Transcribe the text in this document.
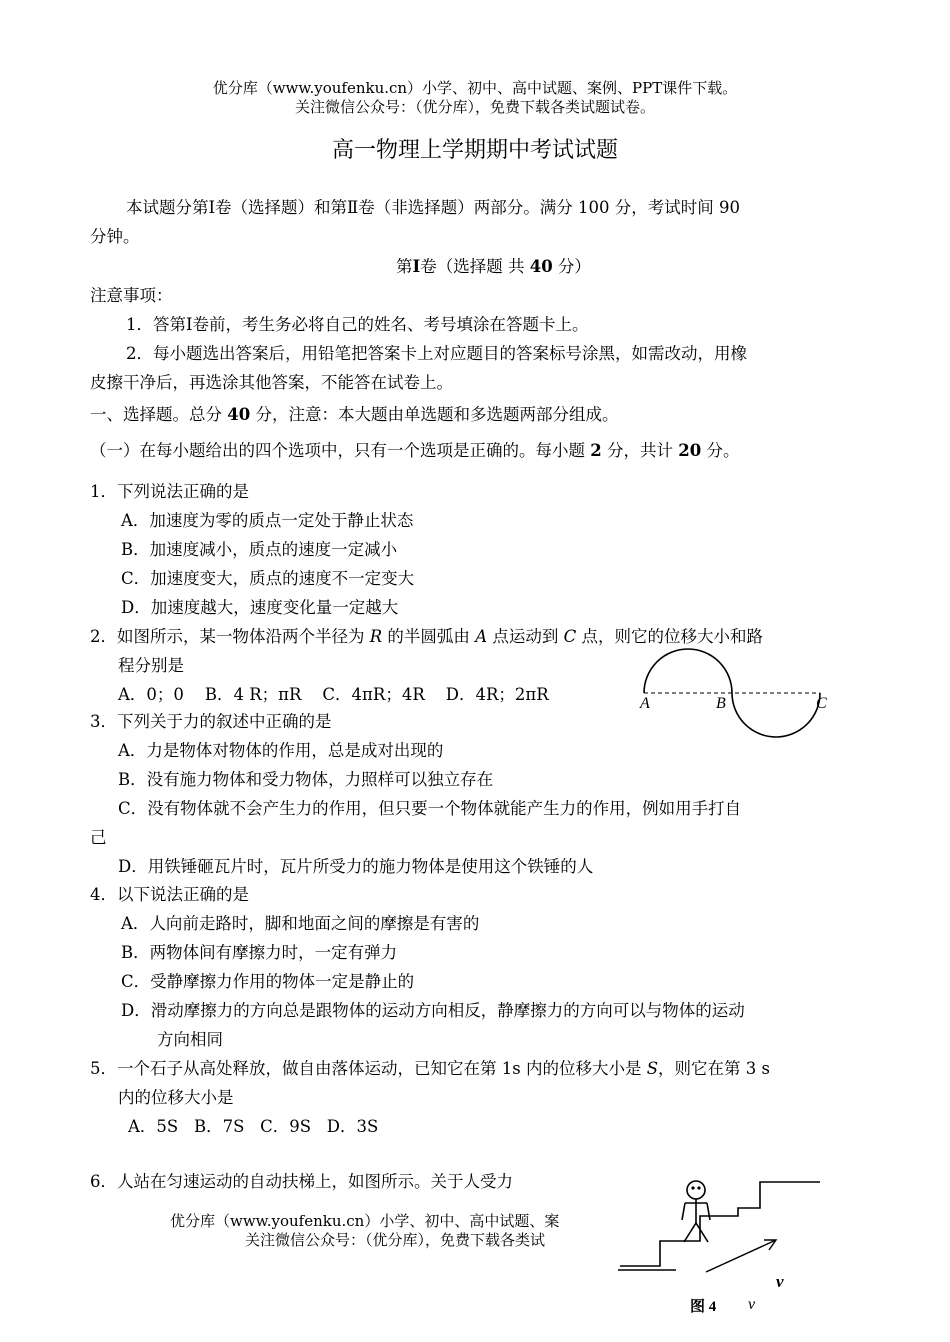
优分库（www.youfenku.cn）小学、初中、高中试题、案例、PPT课件下载。
关注微信公众号：（优分库），免费下载各类试题试卷。
高一物理上学期期中考试试题
本试题分第Ⅰ卷（选择题）和第Ⅱ卷（非选择题）两部分。满分 100 分，考试时间 90
分钟。
第I卷（选择题 共 40 分）
注意事项：
1．答第Ⅰ卷前，考生务必将自己的姓名、考号填涂在答题卡上。
2．每小题选出答案后，用铅笔把答案卡上对应题目的答案标号涂黑，如需改动，用橡
皮擦干净后，再选涂其他答案，不能答在试卷上。
一、选择题。总分 40 分，注意：本大题由单选题和多选题两部分组成。
（一）在每小题给出的四个选项中，只有一个选项是正确的。每小题 2 分，共计 20 分。
1．下列说法正确的是
A．加速度为零的质点一定处于静止状态
B．加速度减小，质点的速度一定减小
C．加速度变大，质点的速度不一定变大
D．加速度越大，速度变化量一定越大
2．如图所示，某一物体沿两个半径为 R 的半圆弧由 A 点运动到 C 点，则它的位移大小和路
程分别是
A．0；0    B．4 R；πR    C．4πR；4R    D．4R；2πR	A	B	C
3．下列关于力的叙述中正确的是
A．力是物体对物体的作用，总是成对出现的
B．没有施力物体和受力物体，力照样可以独立存在
C．没有物体就不会产生力的作用，但只要一个物体就能产生力的作用，例如用手打自
己
D．用铁锤砸瓦片时，瓦片所受力的施力物体是使用这个铁锤的人
4．以下说法正确的是
A．人向前走路时，脚和地面之间的摩擦是有害的
B．两物体间有摩擦力时，一定有弹力
C．受静摩擦力作用的物体一定是静止的
D．滑动摩擦力的方向总是跟物体的运动方向相反，静摩擦力的方向可以与物体的运动
方向相同
5．一个石子从高处释放，做自由落体运动，已知它在第 1s 内的位移大小是 S，则它在第 3 s
内的位移大小是
A．5S   B．7S   C．9S   D．3S
6．人站在匀速运动的自动扶梯上，如图所示。关于人受力
优分库（www.youfenku.cn）小学、初中、高中试题、案
关注微信公众号：（优分库），免费下载各类试
v
图 4 v
